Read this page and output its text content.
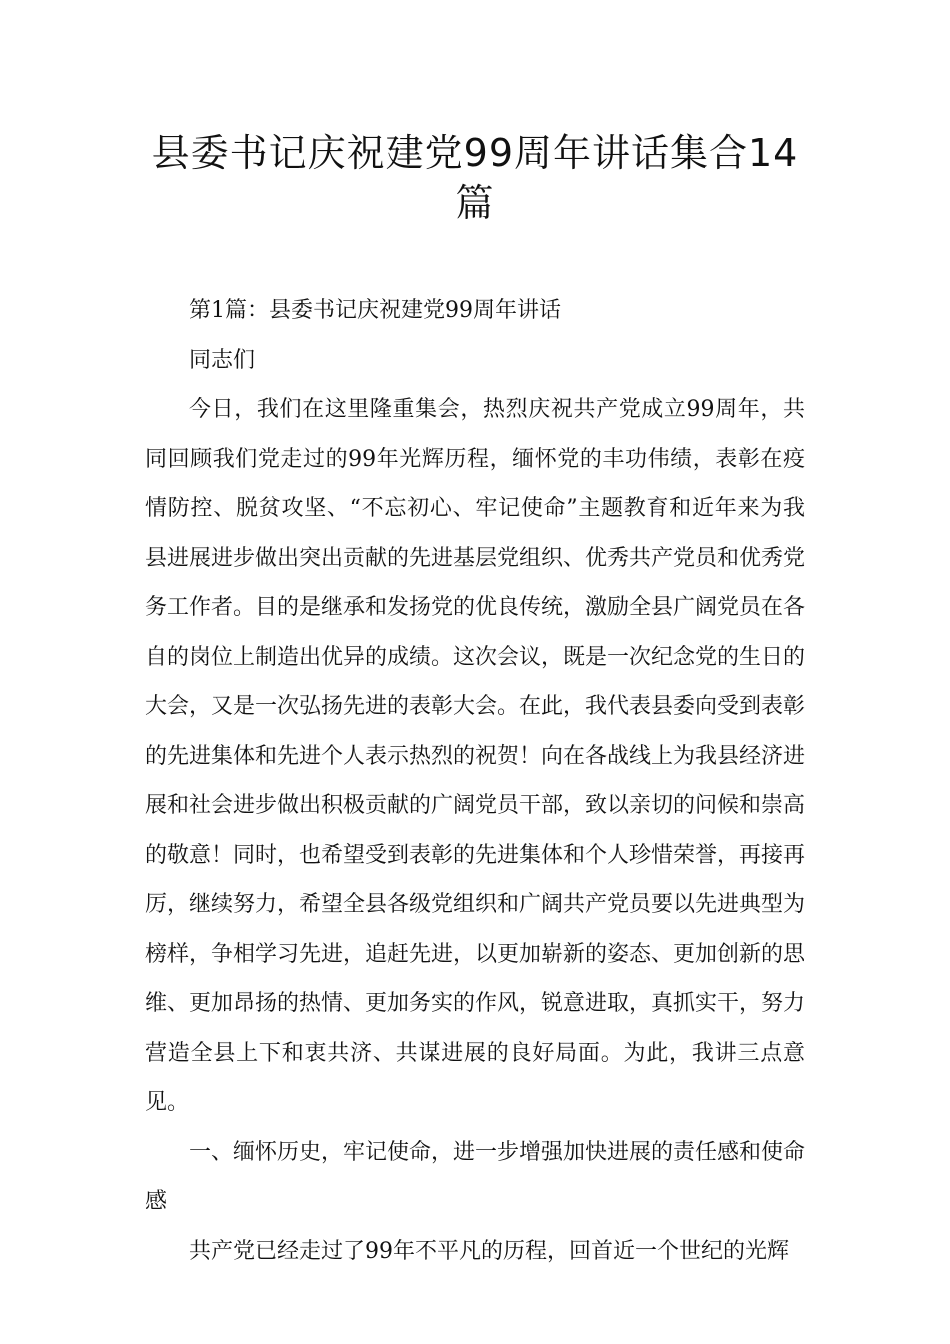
县委书记庆祝建党99周年讲话集合14篇

第1篇：县委书记庆祝建党99周年讲话

同志们

今日，我们在这里隆重集会，热烈庆祝共产党成立99周年，共同回顾我们党走过的99年光辉历程，缅怀党的丰功伟绩，表彰在疫情防控、脱贫攻坚、“不忘初心、牢记使命”主题教育和近年来为我县进展进步做出突出贡献的先进基层党组织、优秀共产党员和优秀党务工作者。目的是继承和发扬党的优良传统，激励全县广阔党员在各自的岗位上制造出优异的成绩。这次会议，既是一次纪念党的生日的大会，又是一次弘扬先进的表彰大会。在此，我代表县委向受到表彰的先进集体和先进个人表示热烈的祝贺！向在各战线上为我县经济进展和社会进步做出积极贡献的广阔党员干部，致以亲切的问候和崇高的敬意！同时，也希望受到表彰的先进集体和个人珍惜荣誉，再接再厉，继续努力，希望全县各级党组织和广阔共产党员要以先进典型为榜样，争相学习先进，追赶先进，以更加崭新的姿态、更加创新的思维、更加昂扬的热情、更加务实的作风，锐意进取，真抓实干，努力营造全县上下和衷共济、共谋进展的良好局面。为此，我讲三点意见。

一、缅怀历史，牢记使命，进一步增强加快进展的责任感和使命感

共产党已经走过了99年不平凡的历程，回首近一个世纪的光辉
